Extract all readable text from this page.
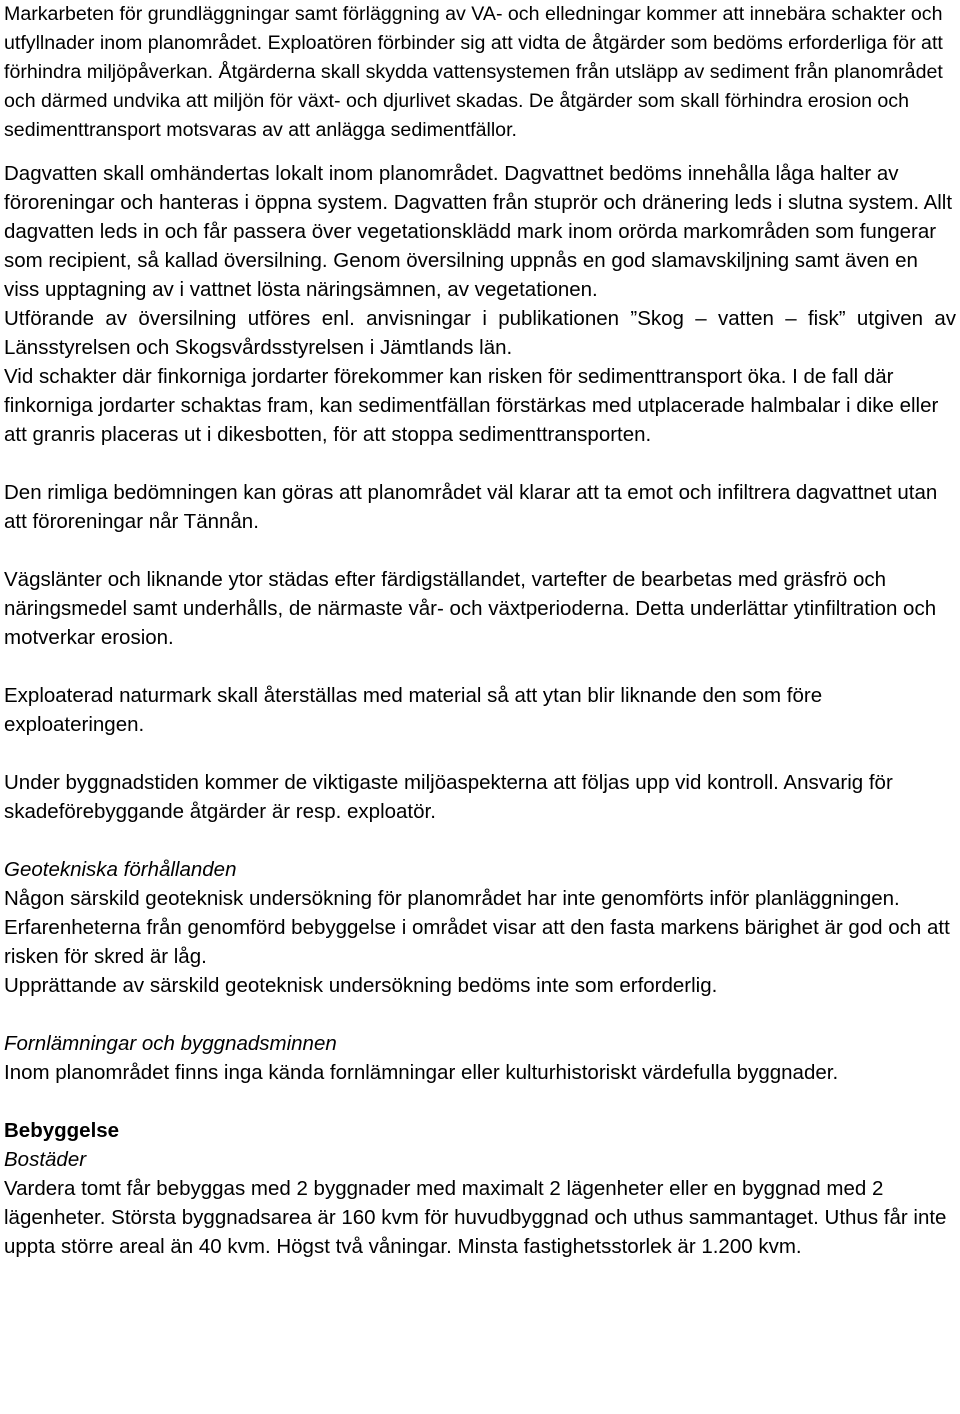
Markarbeten för grundläggningar samt förläggning av VA- och elledningar kommer att innebära schakter och utfyllnader inom planområdet. Exploatören förbinder sig att vidta de åtgärder som bedöms erforderliga för att förhindra miljöpåverkan. Åtgärderna skall skydda vattensystemen från utsläpp av sediment från planområdet och därmed undvika att miljön för växt- och djurlivet skadas. De åtgärder som skall förhindra erosion och sedimenttransport motsvaras av att anlägga sedimentfällor.

Dagvatten skall omhändertas lokalt inom planområdet. Dagvattnet bedöms innehålla låga halter av föroreningar och hanteras i öppna system. Dagvatten från stuprör och dränering leds i slutna system. Allt dagvatten leds in och får passera över vegetationsklädd mark inom orörda markområden som fungerar som recipient, så kallad översilning. Genom översilning uppnås en god slamavskiljning samt även en viss upptagning av i vattnet lösta näringsämnen, av vegetationen.

Utförande av översilning utföres enl. anvisningar i publikationen ”Skog – vatten – fisk” utgiven av Länsstyrelsen och Skogsvårdsstyrelsen i Jämtlands län.

Vid schakter där finkorniga jordarter förekommer kan risken för sedimenttransport öka. I de fall där finkorniga jordarter schaktas fram, kan sedimentfällan förstärkas med utplacerade halmbalar i dike eller att granris placeras ut i dikesbotten, för att stoppa sedimenttransporten.

Den rimliga bedömningen kan göras att planområdet väl klarar att ta emot och infiltrera dagvattnet utan att föroreningar når Tännån.

Vägslänter och liknande ytor städas efter färdigställandet, vartefter de bearbetas med gräsfrö och näringsmedel samt underhålls, de närmaste vår- och växtperioderna. Detta underlättar ytinfiltration och motverkar erosion.

Exploaterad naturmark skall återställas med material så att ytan blir liknande den som före exploateringen.

Under byggnadstiden kommer de viktigaste miljöaspekterna att följas upp vid kontroll. Ansvarig för skadeförebyggande åtgärder är resp. exploatör.

Geotekniska förhållanden

Någon särskild geoteknisk undersökning för planområdet har inte genomförts inför planläggningen. Erfarenheterna från genomförd bebyggelse i området visar att den fasta markens bärighet är god och att risken för skred är låg.

Upprättande av särskild geoteknisk undersökning bedöms inte som erforderlig.

Fornlämningar och byggnadsminnen

Inom planområdet finns inga kända fornlämningar eller kulturhistoriskt värdefulla byggnader.

Bebyggelse
Bostäder

Vardera tomt får bebyggas med 2 byggnader med maximalt 2 lägenheter eller en byggnad med 2 lägenheter. Största byggnadsarea är 160 kvm för huvudbyggnad och uthus sammantaget. Uthus får inte uppta större areal än 40 kvm. Högst två våningar. Minsta fastighetsstorlek är 1.200 kvm.
